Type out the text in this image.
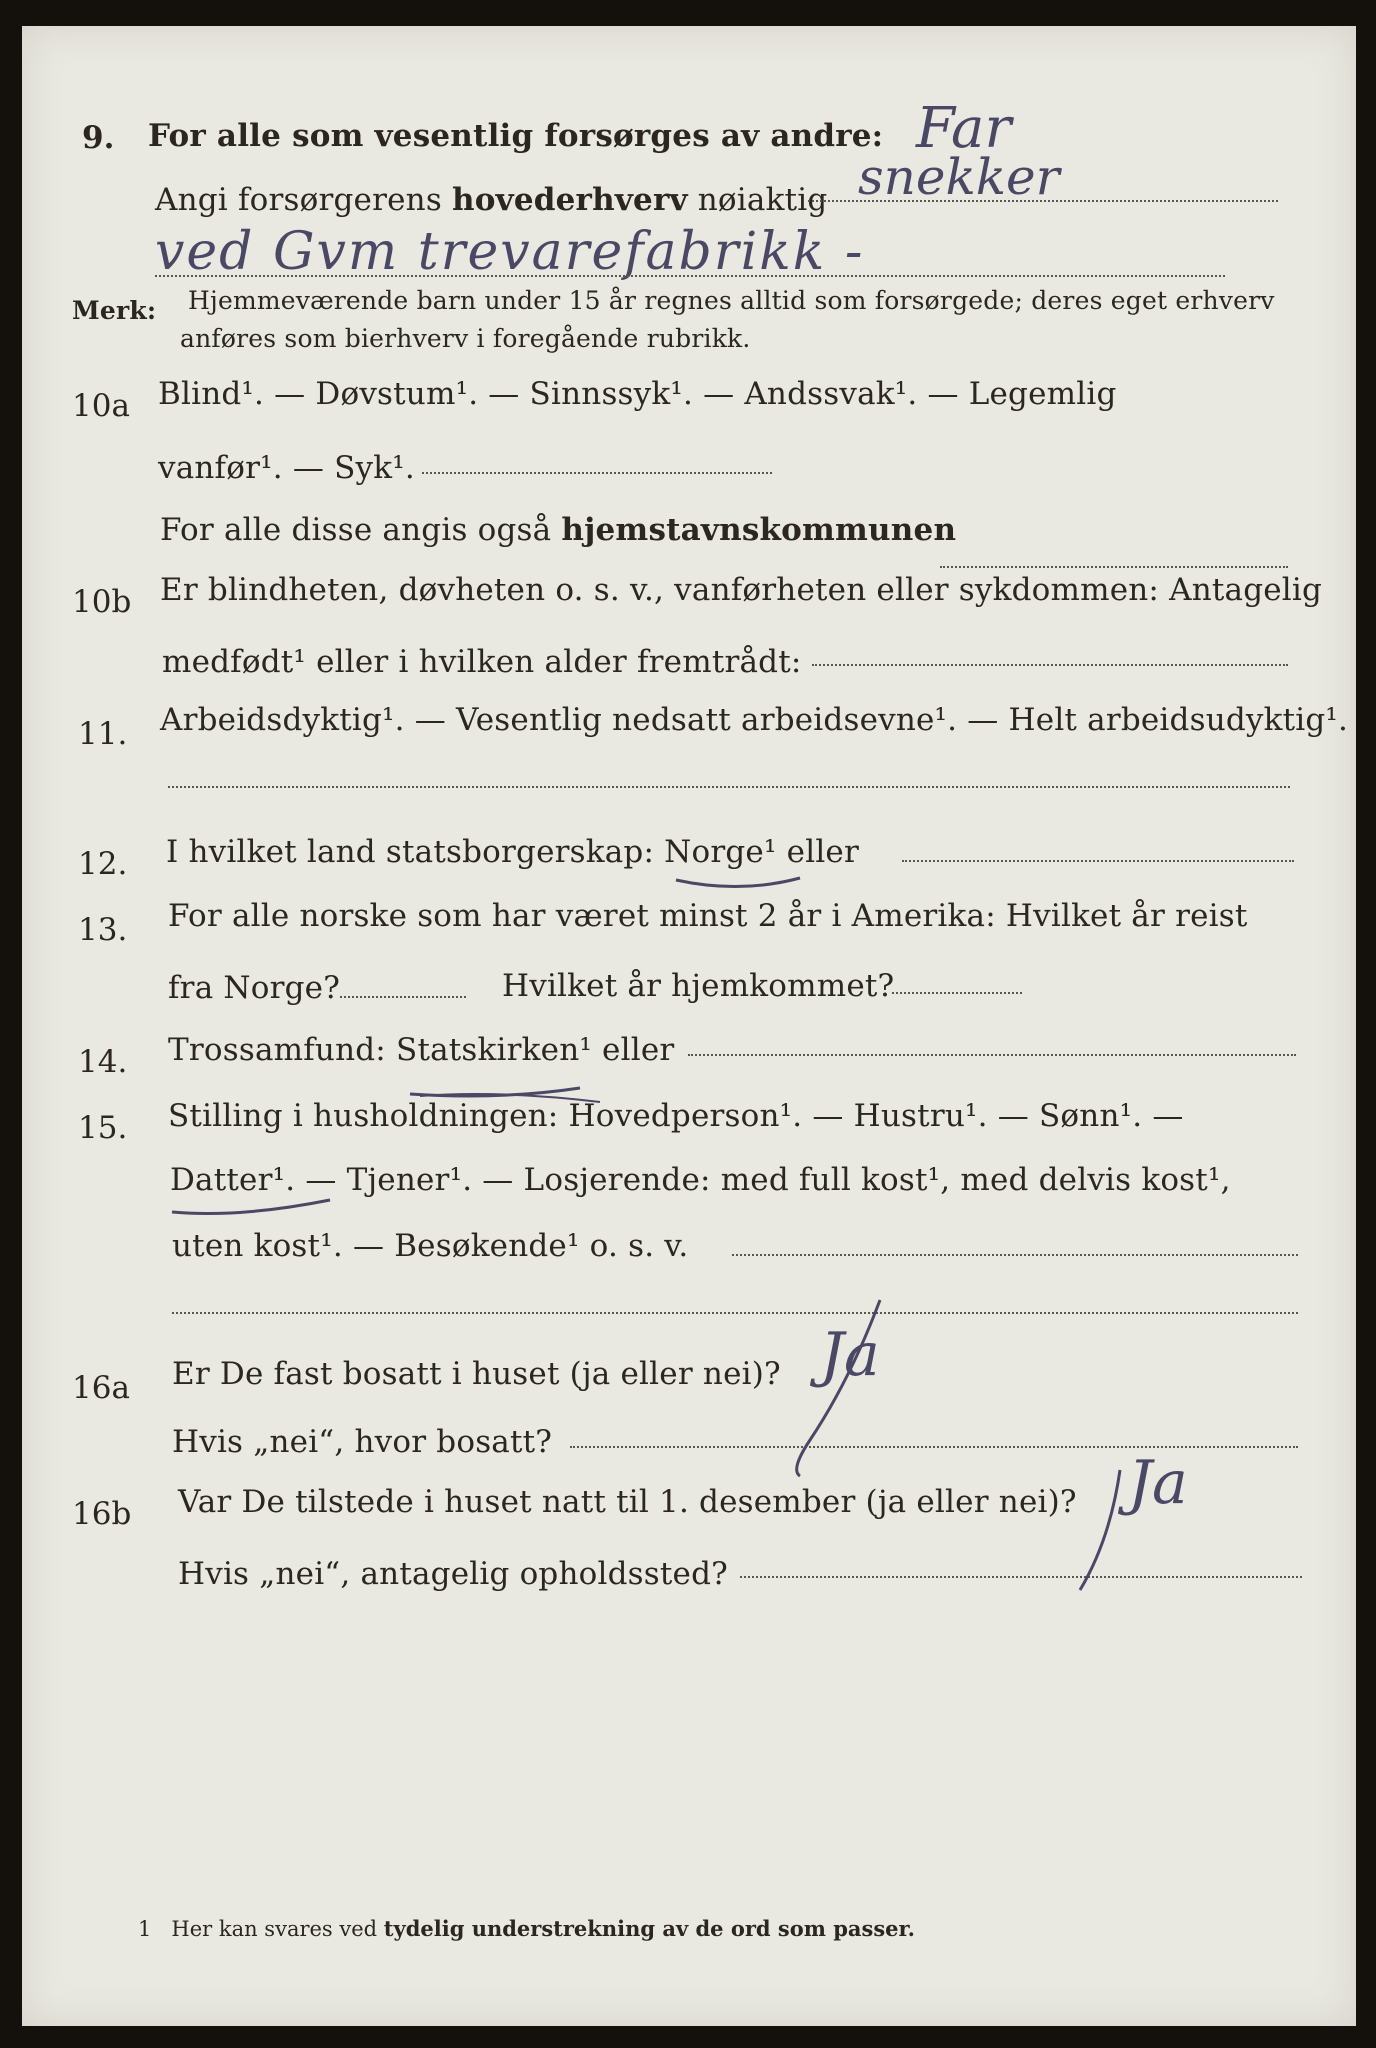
9. For alle som vesentlig forsørges av andre:
Angi forsørgerens hovederhverv nøiaktig
Far
snekker
ved Gvm trevarefabrikk -
Merk: Hjemmeværende barn under 15 år regnes alltid som forsørgede; deres eget erhverv
anføres som bierhverv i foregående rubrikk.
10a Blind¹. — Døvstum¹. — Sinnssyk¹. — Andssvak¹. — Legemlig
vanfør¹. — Syk¹.
For alle disse angis også hjemstavnskommunen
10b Er blindheten, døvheten o. s. v., vanførheten eller sykdommen: Antagelig
medfødt¹ eller i hvilken alder fremtrådt:
11. Arbeidsdyktig¹. — Vesentlig nedsatt arbeidsevne¹. — Helt arbeidsudyktig¹.
12. I hvilket land statsborgerskap: Norge¹ eller
13. For alle norske som har været minst 2 år i Amerika: Hvilket år reist
fra Norge?	Hvilket år hjemkommet?
14. Trossamfund: Statskirken¹ eller
15. Stilling i husholdningen: Hovedperson¹. — Hustru¹. — Sønn¹. —
Datter¹. — Tjener¹. — Losjerende: med full kost¹, med delvis kost¹,
uten kost¹. — Besøkende¹ o. s. v.
16a Er De fast bosatt i huset (ja eller nei)?
Hvis „nei“, hvor bosatt?
Ja
16b Var De tilstede i huset natt til 1. desember (ja eller nei)?
Hvis „nei“, antagelig opholdssted?
Ja
1 Her kan svares ved tydelig understrekning av de ord som passer.
